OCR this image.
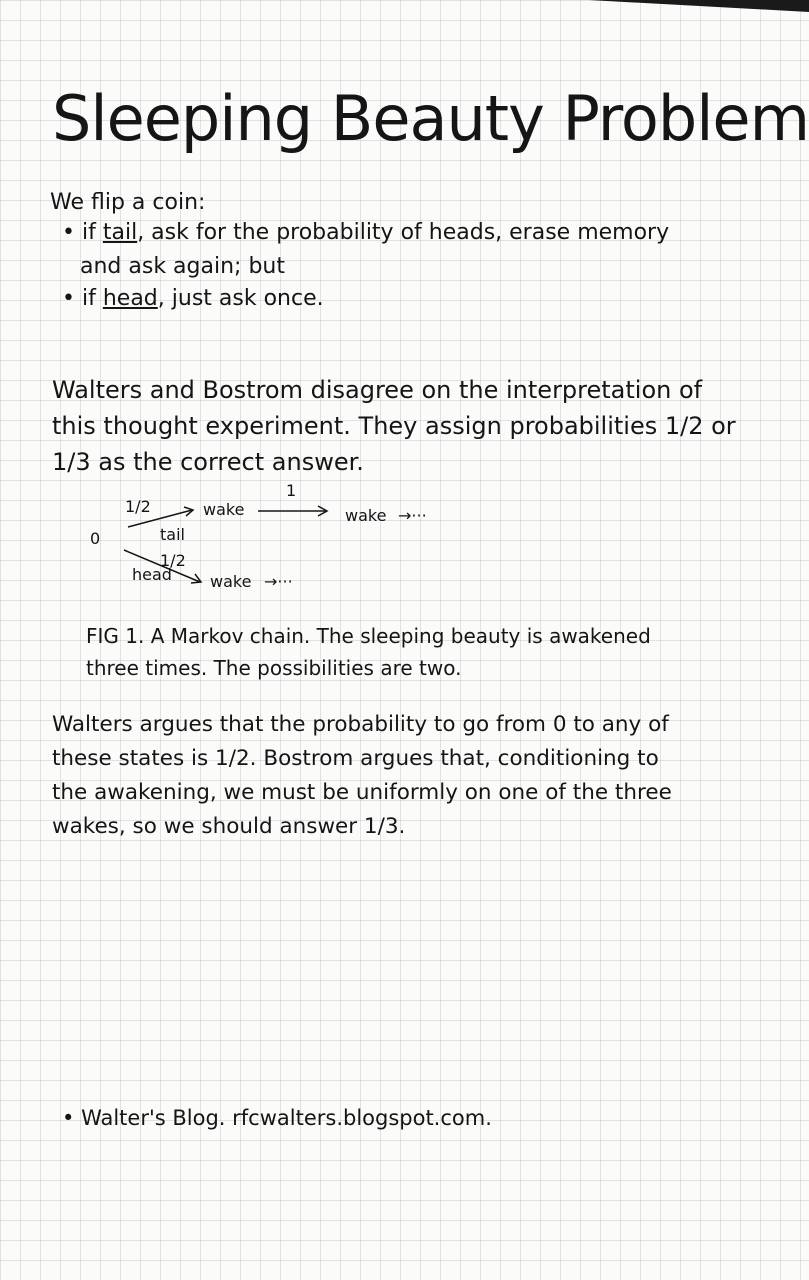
Sleeping Beauty Problem
We flip a coin:
• if tail, ask for the probability of heads, erase memory
and ask again; but
• if head, just ask once.
Walters and Bostrom disagree on the interpretation of
this thought experiment. They assign probabilities 1/2 or
1/3 as the correct answer.
0
1/2
tail
wake
1
wake →···
1/2
head wake →···
FIG 1. A Markov chain. The sleeping beauty is awakened
three times. The possibilities are two.
Walters argues that the probability to go from 0 to any of
these states is 1/2. Bostrom argues that, conditioning to
the awakening, we must be uniformly on one of the three
wakes, so we should answer 1/3.
• Walter's Blog. rfcwalters.blogspot.com.
